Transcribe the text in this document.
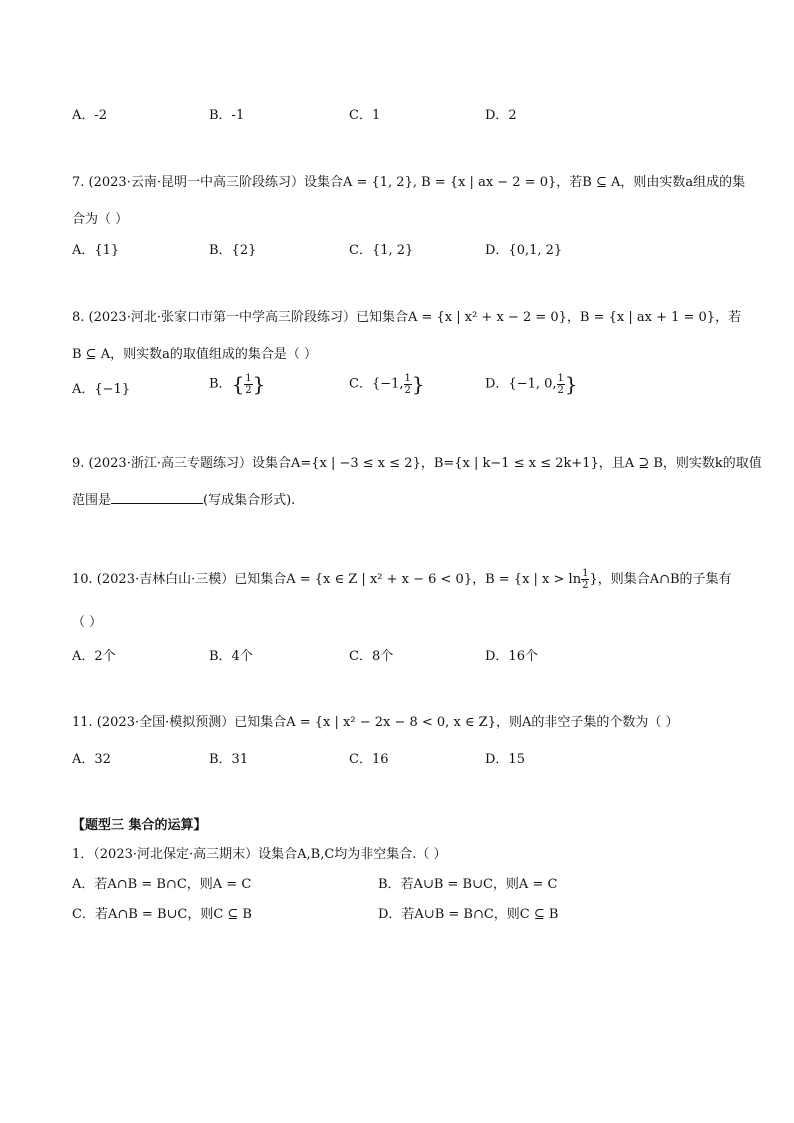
A．-2	B．-1	C．1	D．2
7. (2023·云南·昆明一中高三阶段练习）设集合A = {1, 2}, B = {x | ax − 2 = 0}，若B ⊆ A，则由实数a组成的集
合为（ ）
A．{1}	B．{2}	C．{1, 2}	D．{0,1, 2}
8. (2023·河北·张家口市第一中学高三阶段练习）已知集合A = {x | x² + x − 2 = 0}，B = {x | ax + 1 = 0}，若
B ⊆ A，则实数a的取值组成的集合是（ ）
A．{−1}	B．{ $\frac{1}{2}$ }	C．{−1, $\frac{1}{2}$ }	D．{−1, 0, $\frac{1}{2}$ }
9. (2023·浙江·高三专题练习）设集合A={x | −3 ≤ x ≤ 2}，B={x | k−1 ≤ x ≤ 2k+1}，且A ⊇ B，则实数k的取值
范围是	(写成集合形式).
10. (2023·吉林白山·三模）已知集合A = {x ∈ Z | x² + x − 6 < 0}，B = {x | $x > \ln \frac{1}{2}$ }，则集合A∩B的子集有
（ ）
A．2个	B．4个	C．8个	D．16个
11. (2023·全国·模拟预测）已知集合A = {x | x² − 2x − 8 < 0, x ∈ Z}，则A的非空子集的个数为（ ）
A．32	B．31	C．16	D．15
【题型三 集合的运算】
1．（2023·河北保定·高三期末）设集合A,B,C均为非空集合.（ ）
A．若A∩B = B∩C，则A = C	B．若A∪B = B∪C，则A = C
C．若A∩B = B∪C，则C ⊆ B	D．若A∪B = B∩C，则C ⊆ B
